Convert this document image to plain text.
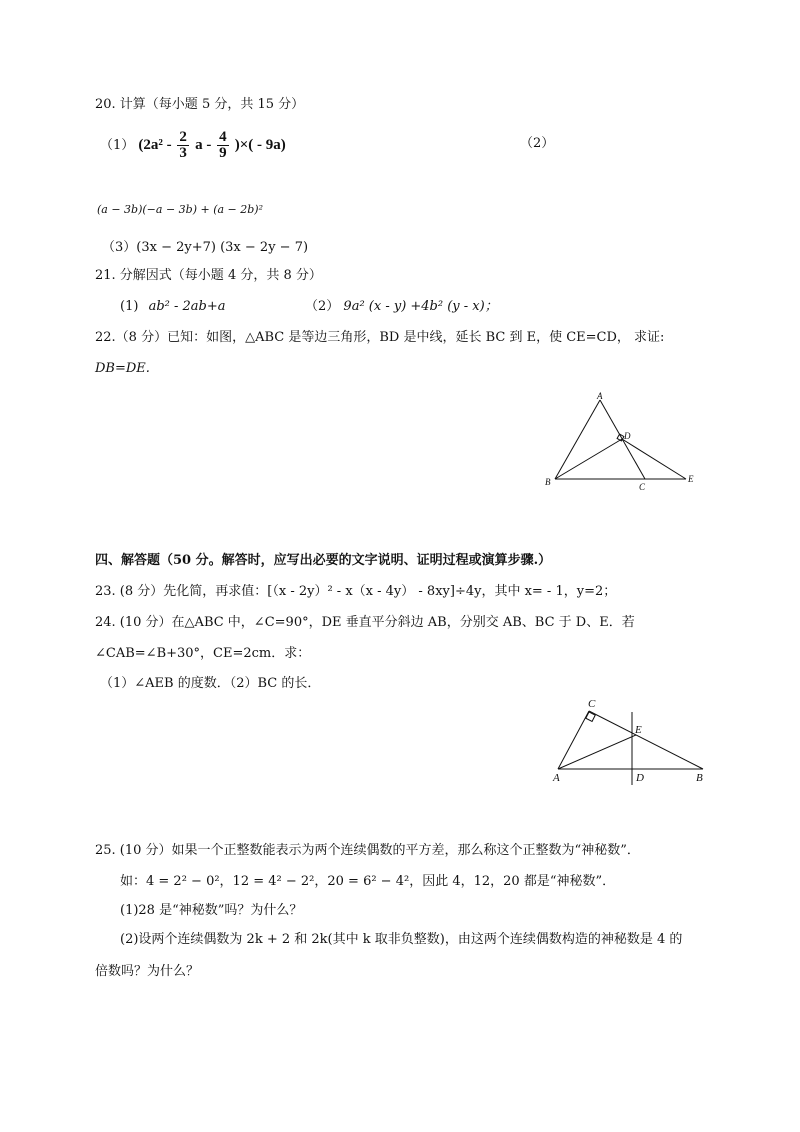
20. 计算（每小题 5 分，共 15 分）
（1） ($2a^2 - \frac{2}{3}$ a - $\frac{4}{9}$ )×( - 9a)	（2）
(a − 3b)(−a − 3b) + (a − 2b)²
（3）(3x − 2y+7) (3x − 2y − 7)
21. 分解因式（每小题 4 分，共 8 分）
(1) ab² - 2ab+a	（2） 9a² (x - y) +4b² (y - x)；
22.（8 分）已知：如图，△ABC 是等边三角形，BD 是中线，延长 BC 到 E，使 CE=CD， 求证:
DB=DE.
A
B	C
D
E
四、解答题（50 分。解答时，应写出必要的文字说明、证明过程或演算步骤.）
23. (8 分）先化简，再求值：[（x - 2y）² - x（x - 4y） - 8xy]÷4y，其中 x= - 1，y=2；
24. (10 分）在△ABC 中，∠C=90°，DE 垂直平分斜边 AB，分别交 AB、BC 于 D、E．若
∠CAB=∠B+30°，CE=2cm．求：
（1）∠AEB 的度数．（2）BC 的长．
C
E
A	D	B
25. (10 分）如果一个正整数能表示为两个连续偶数的平方差，那么称这个正整数为“神秘数”．
如：4 = 2² − 0²，12 = 4² − 2²，20 = 6² − 4²，因此 4，12，20 都是“神秘数”．
(1)28 是“神秘数”吗？为什么？
(2)设两个连续偶数为 2k + 2 和 2k(其中 k 取非负整数)，由这两个连续偶数构造的神秘数是 4 的
倍数吗？为什么？
